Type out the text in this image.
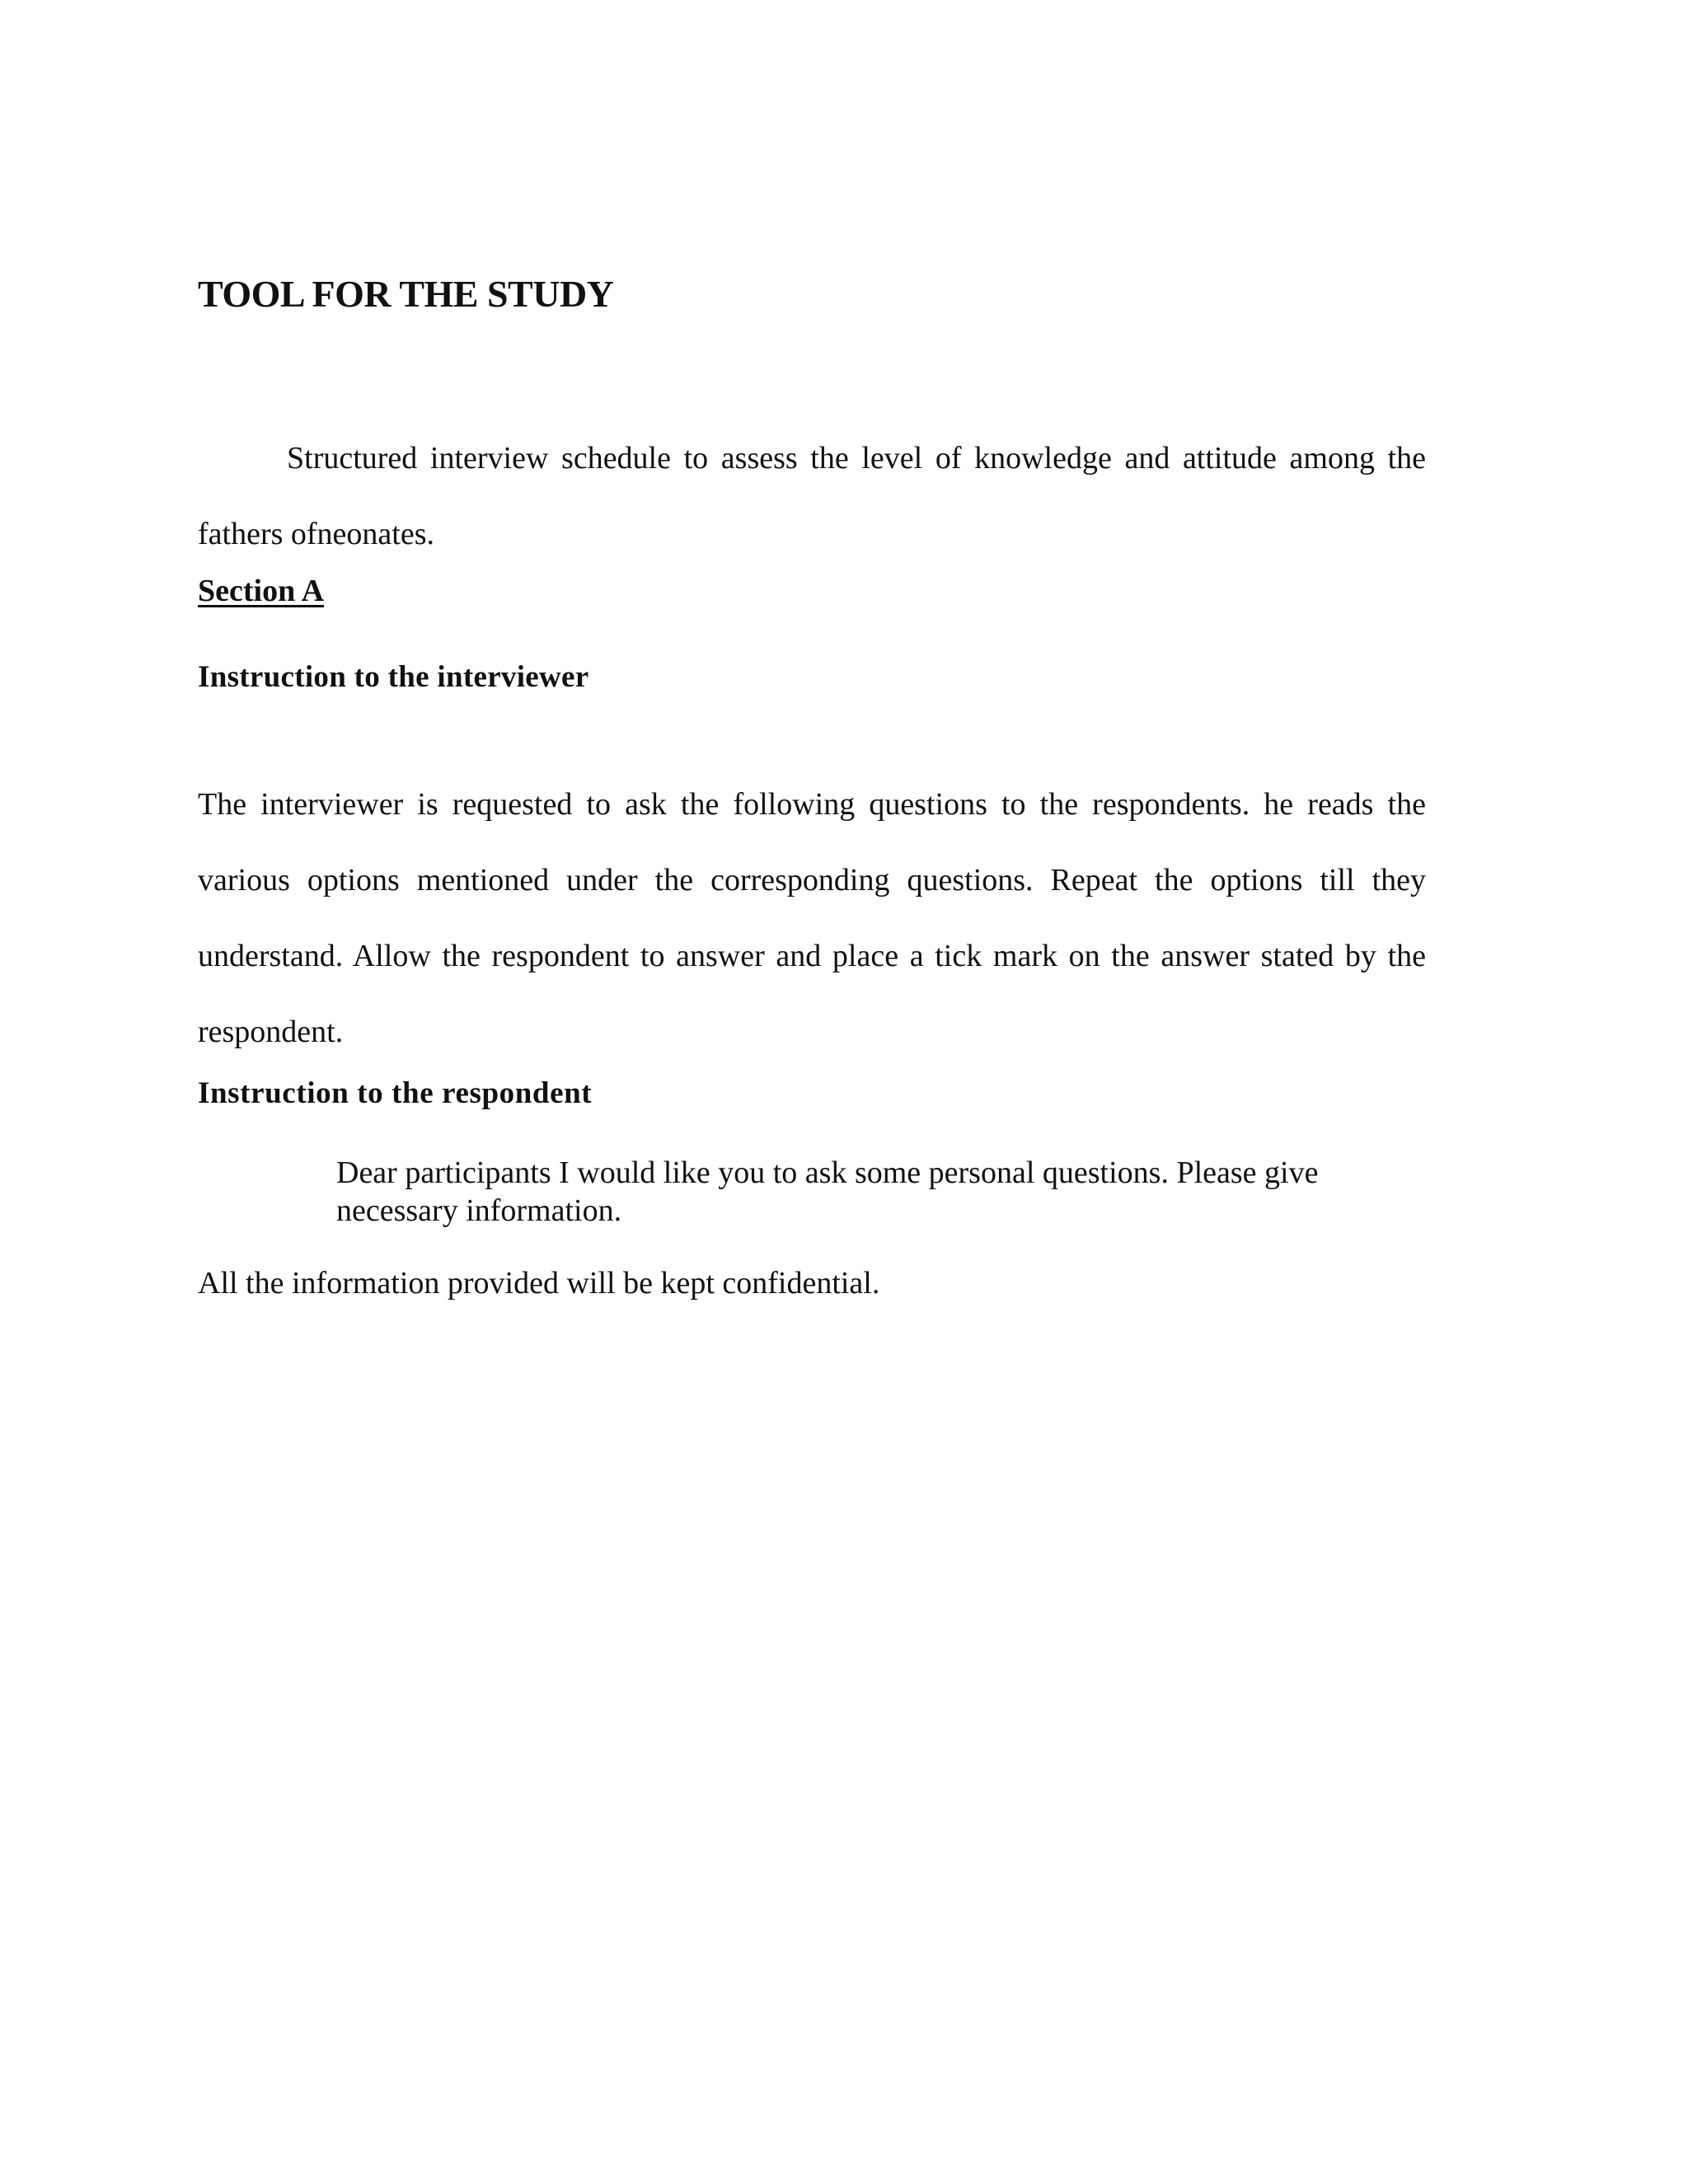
TOOL FOR THE STUDY

Structured interview schedule to assess the level of knowledge and attitude among the fathers ofneonates.

Section A
Instruction to the interviewer

The interviewer is requested to ask the following questions to the respondents. he reads the various options mentioned under the corresponding questions. Repeat the options till they understand. Allow the respondent to answer and place a tick mark on the answer stated by the respondent.

Instruction to the respondent

Dear participants I would like you to ask some personal questions. Please give necessary information.

All the information provided will be kept confidential.
